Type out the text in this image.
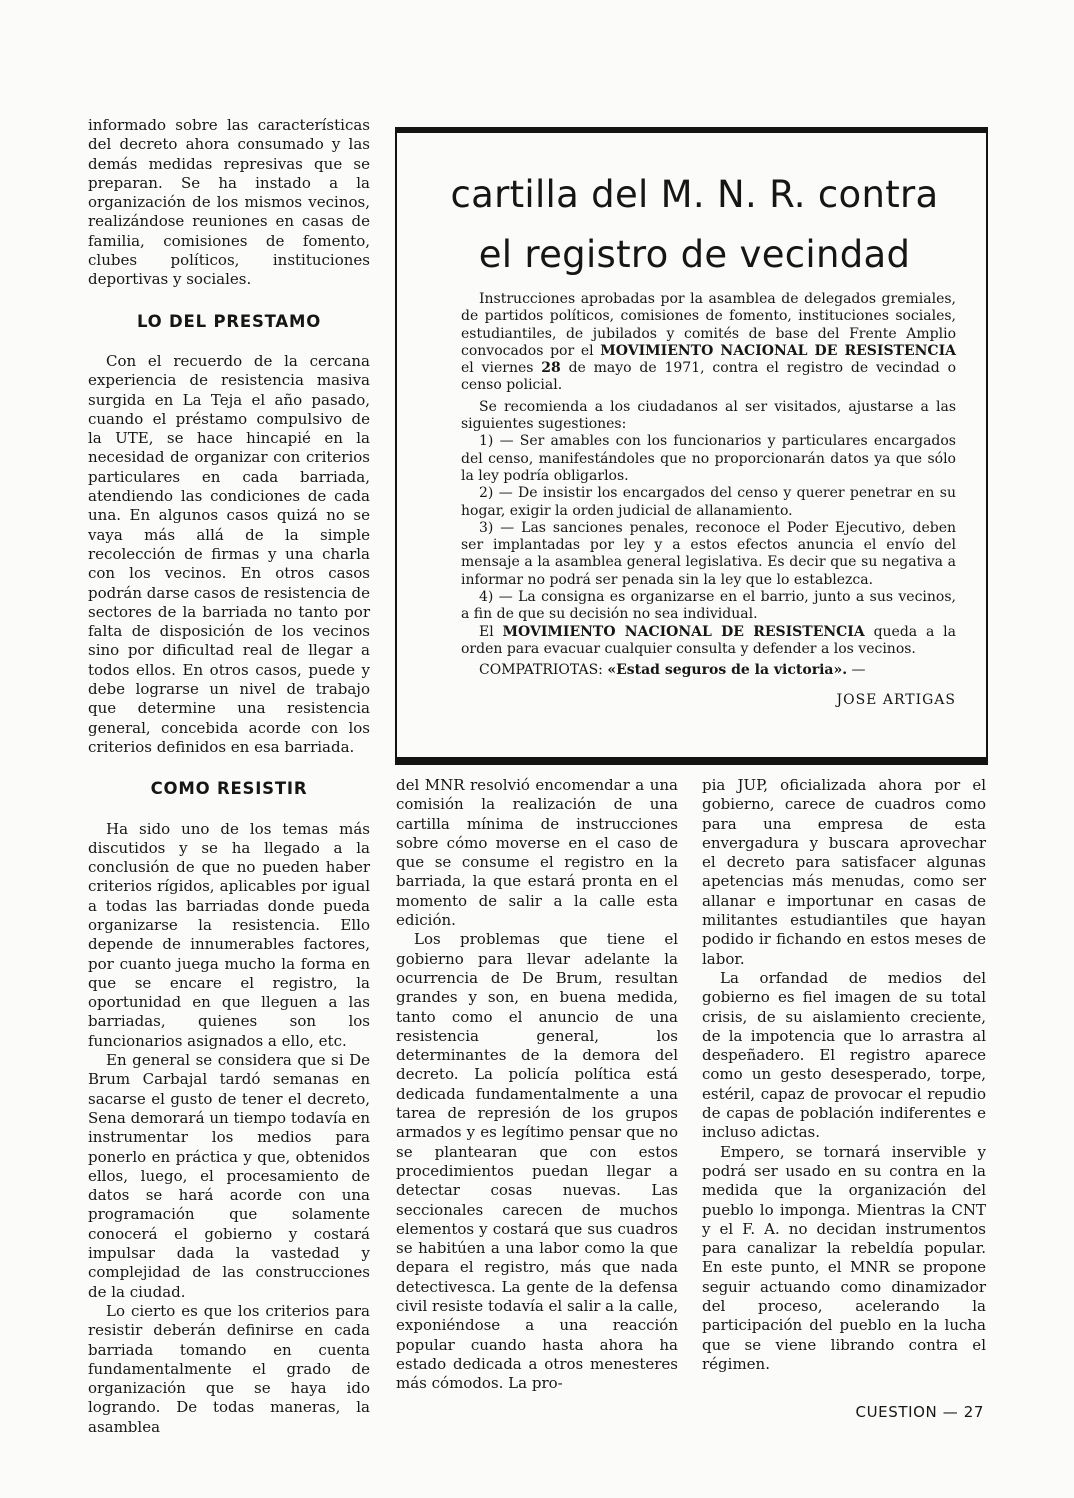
informado sobre las características del decreto ahora consumado y las demás medidas represivas que se preparan. Se ha instado a la organización de los mismos vecinos, realizándose reuniones en casas de familia, comisiones de fomento, clubes políticos, instituciones deportivas y sociales.

LO DEL PRESTAMO

Con el recuerdo de la cercana experiencia de resistencia masiva surgida en La Teja el año pasado, cuando el préstamo compulsivo de la UTE, se hace hincapié en la necesidad de organizar con criterios particulares en cada barriada, atendiendo las condiciones de cada una. En algunos casos quizá no se vaya más allá de la simple recolección de firmas y una charla con los vecinos. En otros casos podrán darse casos de resistencia de sectores de la barriada no tanto por falta de disposición de los vecinos sino por dificultad real de llegar a todos ellos. En otros casos, puede y debe lograrse un nivel de trabajo que determine una resistencia general, concebida acorde con los criterios definidos en esa barriada.

COMO RESISTIR

Ha sido uno de los temas más discutidos y se ha llegado a la conclusión de que no pueden haber criterios rígidos, aplicables por igual a todas las barriadas donde pueda organizarse la resistencia. Ello depende de innumerables factores, por cuanto juega mucho la forma en que se encare el registro, la oportunidad en que lleguen a las barriadas, quienes son los funcionarios asignados a ello, etc.

En general se considera que si De Brum Carbajal tardó semanas en sacarse el gusto de tener el decreto, Sena demorará un tiempo todavía en instrumentar los medios para ponerlo en práctica y que, obtenidos ellos, luego, el procesamiento de datos se hará acorde con una programación que solamente conocerá el gobierno y costará impulsar dada la vastedad y complejidad de las construcciones de la ciudad.

Lo cierto es que los criterios para resistir deberán definirse en cada barriada tomando en cuenta fundamentalmente el grado de organización que se haya ido logrando. De todas maneras, la asamblea

cartilla del M. N. R. contra
el registro de vecindad

Instrucciones aprobadas por la asamblea de delegados gremiales, de partidos políticos, comisiones de fomento, instituciones sociales, estudiantiles, de jubilados y comités de base del Frente Amplio convocados por el MOVIMIENTO NACIONAL DE RESISTENCIA el viernes 28 de mayo de 1971, contra el registro de vecindad o censo policial.

Se recomienda a los ciudadanos al ser visitados, ajustarse a las siguientes sugestiones:

1) — Ser amables con los funcionarios y particulares encargados del censo, manifestándoles que no proporcionarán datos ya que sólo la ley podría obligarlos.

2) — De insistir los encargados del censo y querer penetrar en su hogar, exigir la orden judicial de allanamiento.

3) — Las sanciones penales, reconoce el Poder Ejecutivo, deben ser implantadas por ley y a estos efectos anuncia el envío del mensaje a la asamblea general legislativa. Es decir que su negativa a informar no podrá ser penada sin la ley que lo establezca.

4) — La consigna es organizarse en el barrio, junto a sus vecinos, a fin de que su decisión no sea individual.

El MOVIMIENTO NACIONAL DE RESISTENCIA queda a la orden para evacuar cualquier consulta y defender a los vecinos.

COMPATRIOTAS: «Estad seguros de la victoria». —

JOSE ARTIGAS

del MNR resolvió encomendar a una comisión la realización de una cartilla mínima de instrucciones sobre cómo moverse en el caso de que se consume el registro en la barriada, la que estará pronta en el momento de salir a la calle esta edición.

Los problemas que tiene el gobierno para llevar adelante la ocurrencia de De Brum, resultan grandes y son, en buena medida, tanto como el anuncio de una resistencia general, los determinantes de la demora del decreto. La policía política está dedicada fundamentalmente a una tarea de represión de los grupos armados y es legítimo pensar que no se plantearan que con estos procedimientos puedan llegar a detectar cosas nuevas. Las seccionales carecen de muchos elementos y costará que sus cuadros se habitúen a una labor como la que depara el registro, más que nada detectivesca. La gente de la defensa civil resiste todavía el salir a la calle, exponiéndose a una reacción popular cuando hasta ahora ha estado dedicada a otros menesteres más cómodos. La pro-

pia JUP, oficializada ahora por el gobierno, carece de cuadros como para una empresa de esta envergadura y buscara aprovechar el decreto para satisfacer algunas apetencias más menudas, como ser allanar e importunar en casas de militantes estudiantiles que hayan podido ir fichando en estos meses de labor.

La orfandad de medios del gobierno es fiel imagen de su total crisis, de su aislamiento creciente, de la impotencia que lo arrastra al despeñadero. El registro aparece como un gesto desesperado, torpe, estéril, capaz de provocar el repudio de capas de población indiferentes e incluso adictas.

Empero, se tornará inservible y podrá ser usado en su contra en la medida que la organización del pueblo lo imponga. Mientras la CNT y el F. A. no decidan instrumentos para canalizar la rebeldía popular. En este punto, el MNR se propone seguir actuando como dinamizador del proceso, acelerando la participación del pueblo en la lucha que se viene librando contra el régimen.

CUESTION — 27
